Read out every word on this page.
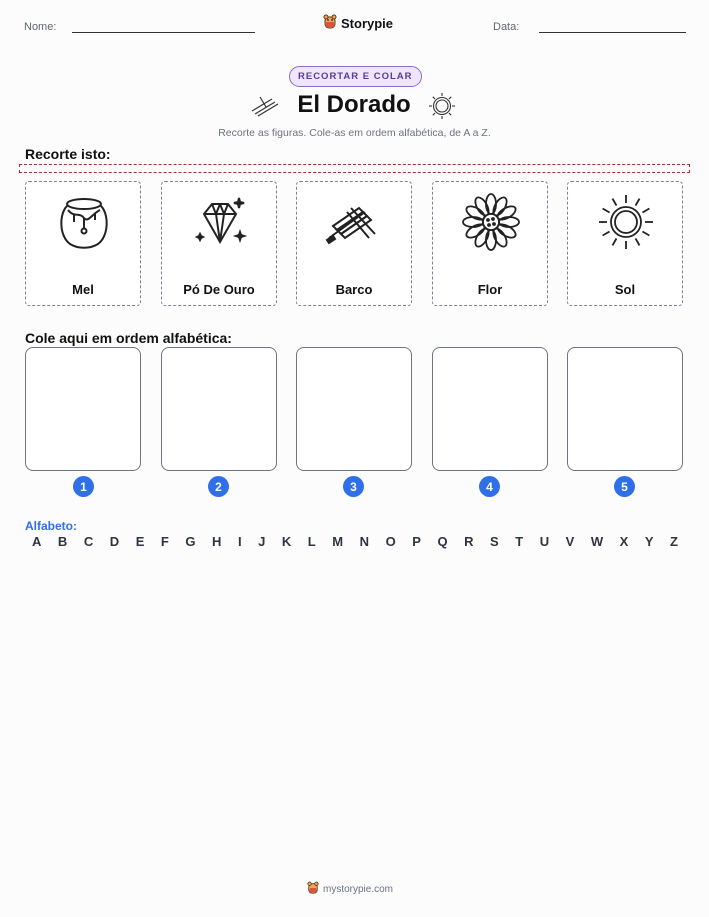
Nome:	Storypie	Data:
RECORTAR E COLAR
El Dorado
Recorte as figuras. Cole-as em ordem alfabética, de A a Z.
Recorte isto:
Mel	Pó De Ouro	Barco	Flor	Sol
Cole aqui em ordem alfabética:
1	2	3	4	5
Alfabeto:
A B C D E F G H I J K L M N O P Q R S T U V W X Y Z
mystorypie.com
